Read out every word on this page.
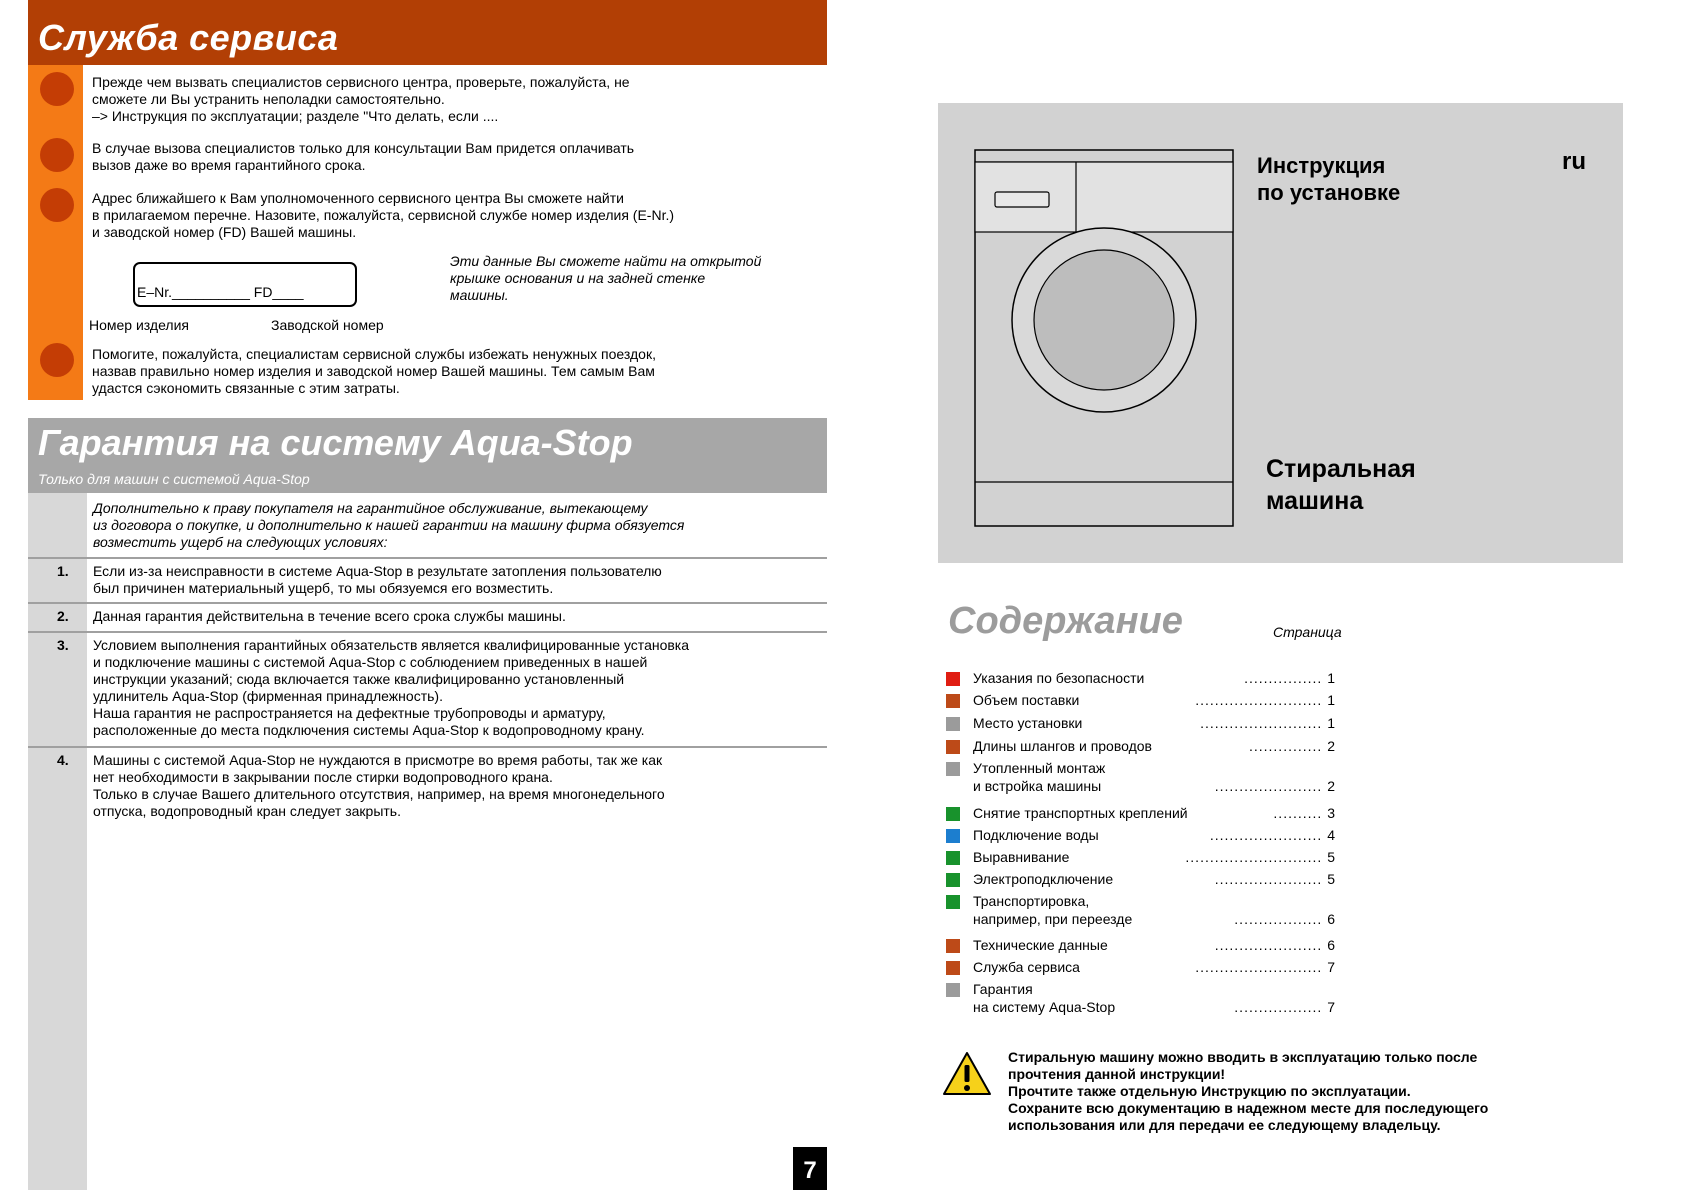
Служба сервиса
Прежде чем вызвать специалистов сервисного центра, проверьте, пожалуйста, не
сможете ли Вы устранить неполадки самостоятельно.
–> Инструкция по эксплуатации; разделе "Что делать, если ....
В случае вызова специалистов только для консультации Вам придется оплачивать
вызов даже во время гарантийного срока.
Адрес ближайшего к Вам уполномоченного сервисного центра Вы сможете найти
в прилагаемом перечне. Назовите, пожалуйста, сервисной службе номер изделия (E-Nr.)
и заводской номер (FD) Вашей машины.
E–Nr.__________ FD____
Эти данные Вы сможете найти на открытой
крышке основания и на задней стенке
машины.
Номер изделия	Заводской номер
Помогите, пожалуйста, специалистам сервисной службы избежать ненужных поездок,
назвав правильно номер изделия и заводской номер Вашей машины. Тем самым Вам
удастся сэкономить связанные с этим затраты.
Гарантия на систему Aqua-Stop
Только для машин с системой Aqua-Stop
Дополнительно к праву покупателя на гарантийное обслуживание, вытекающему
из договора о покупке, и дополнительно к нашей гарантии на машину фирма обязуется
возместить ущерб на следующих условиях:
1. Если из-за неисправности в системе Aqua-Stop в результате затопления пользователю
был причинен материальный ущерб, то мы обязуемся его возместить.
2. Данная гарантия действительна в течение всего срока службы машины.
3. Условием выполнения гарантийных обязательств является квалифицированные установка
и подключение машины с системой Aqua-Stop с соблюдением приведенных в нашей
инструкции указаний; сюда включается также квалифицированно установленный
удлинитель Aqua-Stop (фирменная принадлежность).
Наша гарантия не распространяется на дефектные трубопроводы и арматуру,
расположенные до места подключения системы Aqua-Stop к водопроводному крану.
4. Машины с системой Aqua-Stop не нуждаются в присмотре во время работы, так же как
нет необходимости в закрывании после стирки водопроводного крана.
Только в случае Вашего длительного отсутствия, например, на время многонедельного
отпуска, водопроводный кран следует закрыть.
7
Инструкция
по установке
ru
Стиральная
машина
Содержание	Страница
Указания по безопасности	................ 1
Объем поставки	.......................... 1
Место установки	......................... 1
Длины шлангов и проводов	............... 2
Утопленный монтаж
и встройка машины	...................... 2
Снятие транспортных креплений	.......... 3
Подключение воды	....................... 4
Выравнивание	............................ 5
Электроподключение	...................... 5
Транспортировка,
например, при переезде	.................. 6
Технические данные	...................... 6
Служба сервиса	.......................... 7
Гарантия
на систему Aqua-Stop	.................. 7
Стиральную машину можно вводить в эксплуатацию только после
прочтения данной инструкции!
Прочтите также отдельную Инструкцию по эксплуатации.
Сохраните всю документацию в надежном месте для последующего
использования или для передачи ее следующему владельцу.
